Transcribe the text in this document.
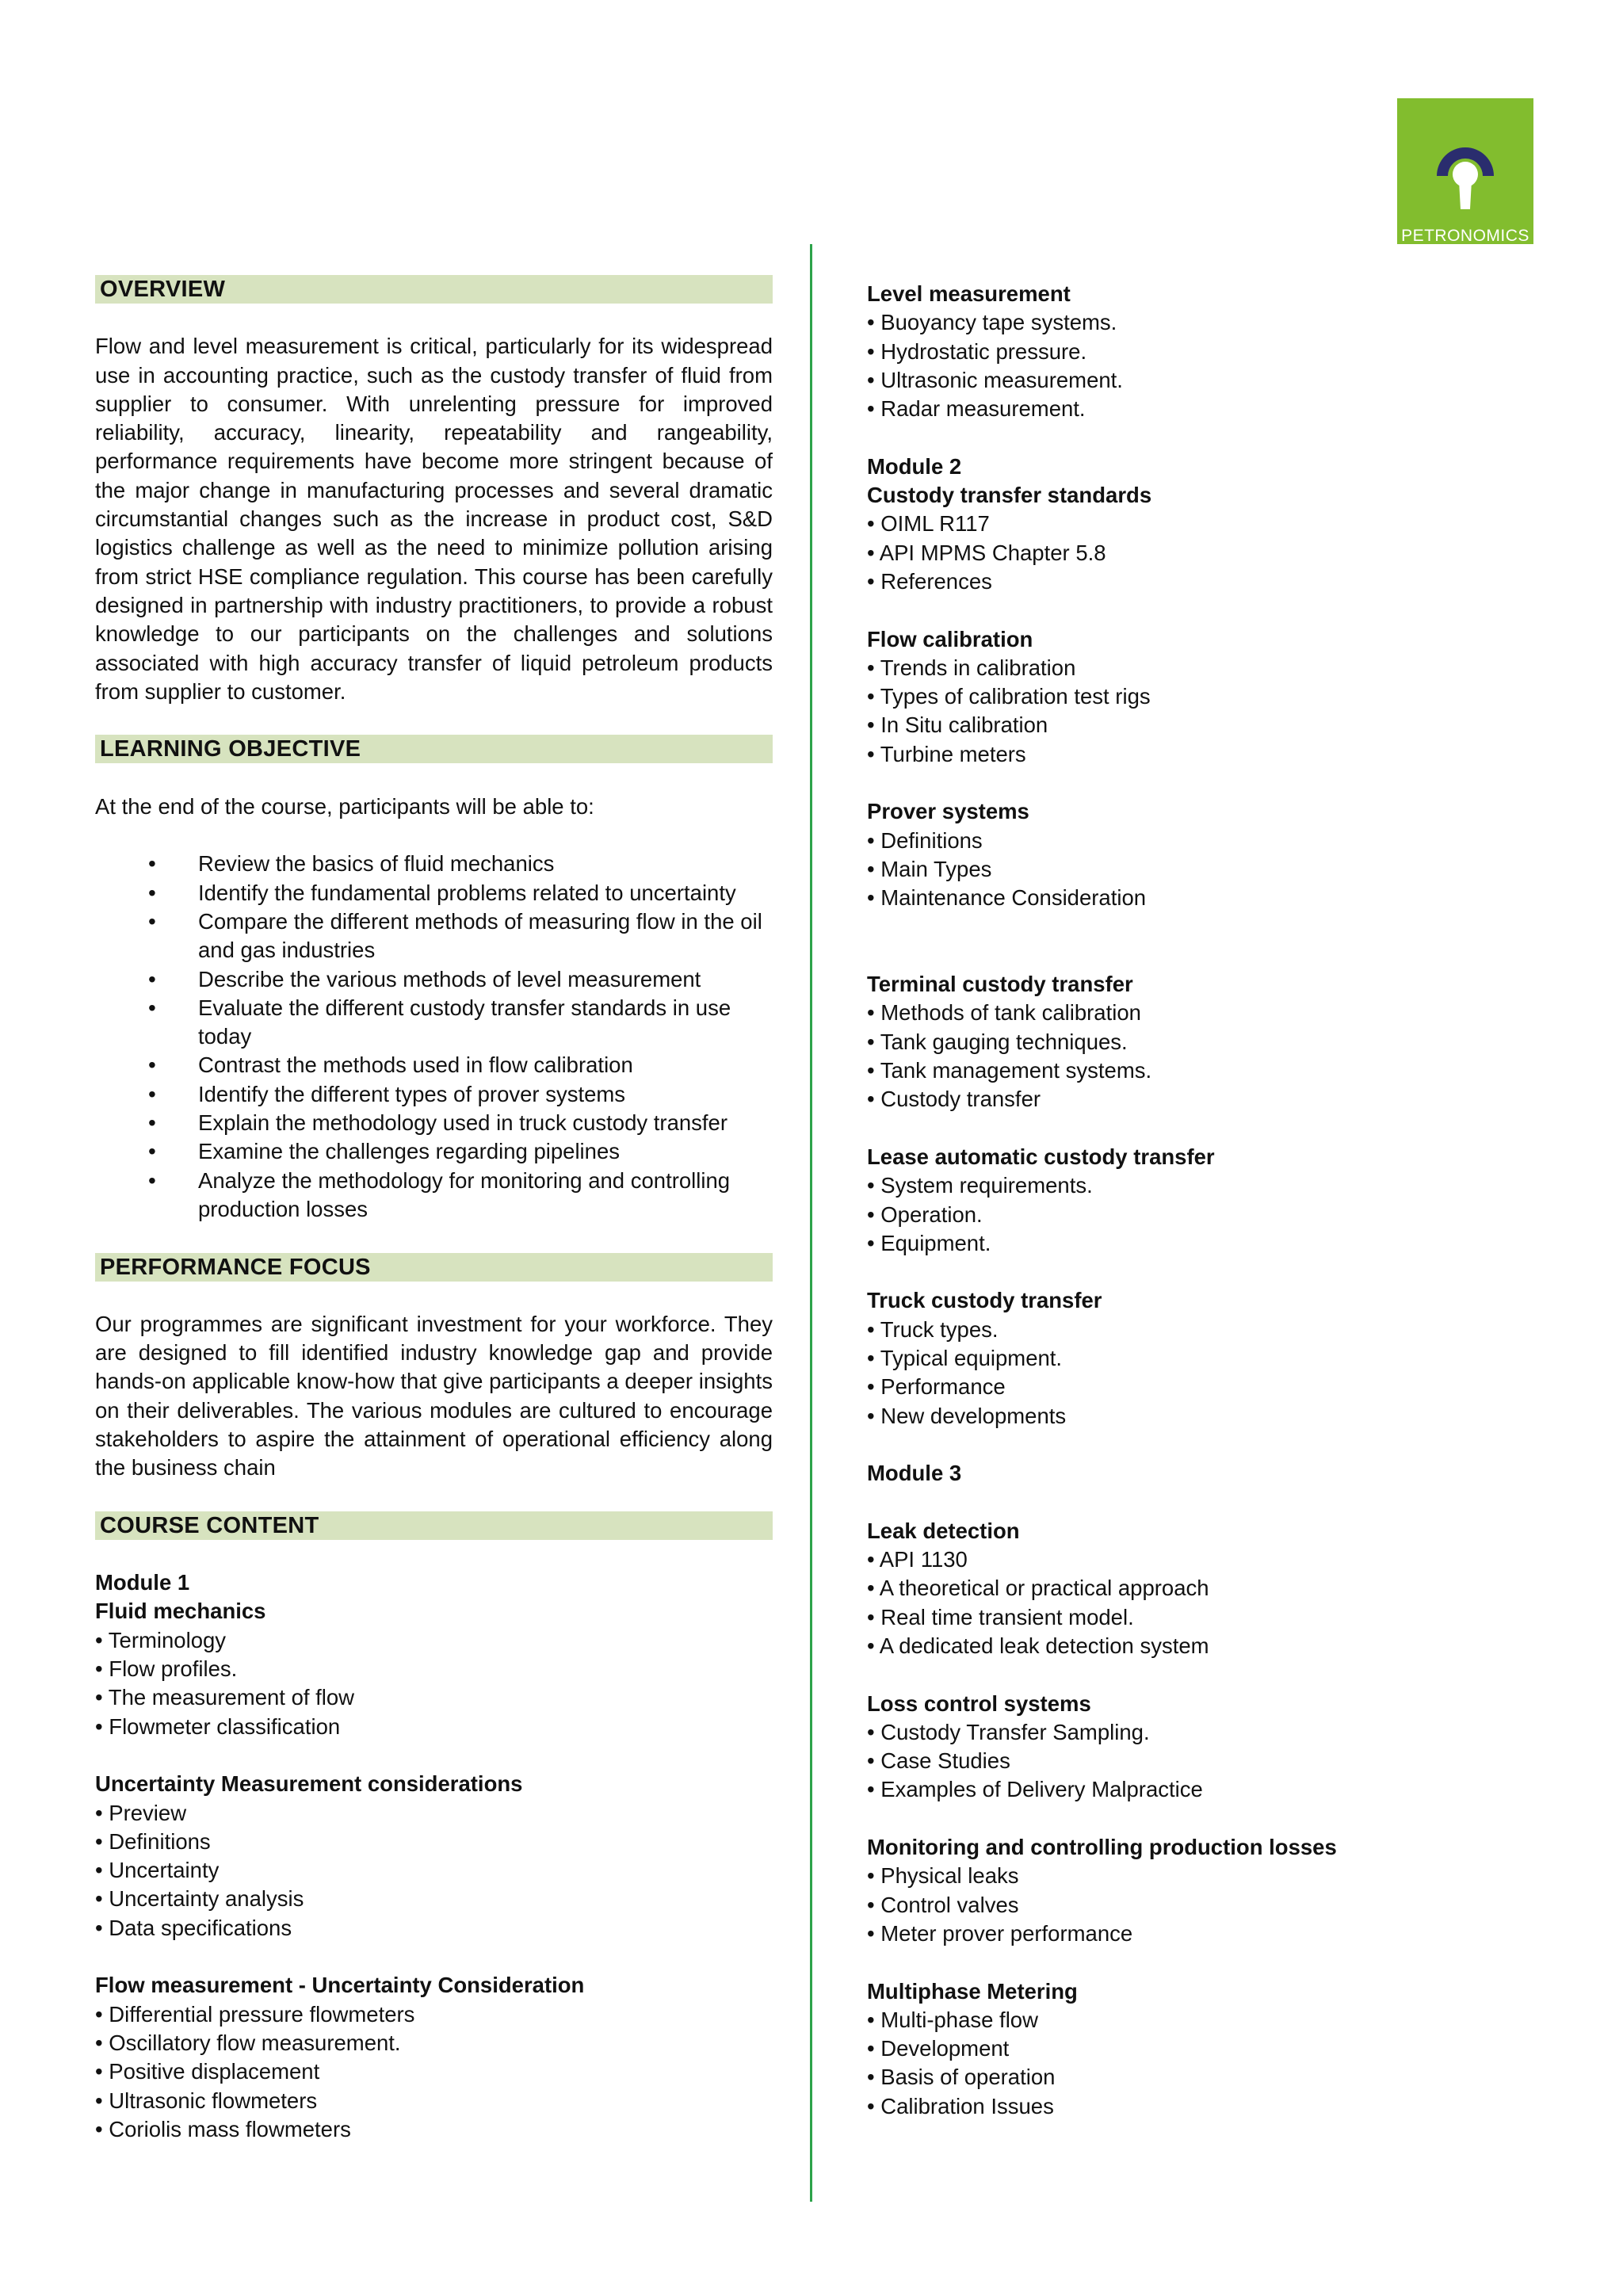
PETRONOMICS
OVERVIEW
Flow and level measurement is critical, particularly for its widespread use in accounting practice, such as the custody transfer of fluid from supplier to consumer. With unrelenting pressure for improved reliability, accuracy, linearity, repeatability and rangeability, performance requirements have become more stringent because of the major change in manufacturing processes and several dramatic circumstantial changes such as the increase in product cost, S&D logistics challenge as well as the need to minimize pollution arising from strict HSE compliance regulation. This course has been carefully designed in partnership with industry practitioners, to provide a robust knowledge to our participants on the challenges and solutions associated with high accuracy transfer of liquid petroleum products from supplier to customer.
LEARNING OBJECTIVE
At the end of the course, participants will be able to:
• Review the basics of fluid mechanics
• Identify the fundamental problems related to uncertainty
• Compare the different methods of measuring flow in the oil and gas industries
• Describe the various methods of level measurement
• Evaluate the different custody transfer standards in use today
• Contrast the methods used in flow calibration
• Identify the different types of prover systems
• Explain the methodology used in truck custody transfer
• Examine the challenges regarding pipelines
• Analyze the methodology for monitoring and controlling production losses
PERFORMANCE FOCUS
Our programmes are significant investment for your workforce. They are designed to fill identified industry knowledge gap and provide hands-on applicable know-how that give participants a deeper insights on their deliverables. The various modules are cultured to encourage stakeholders to aspire the attainment of operational efficiency along the business chain
COURSE CONTENT
Module 1
Fluid mechanics
• Terminology
• Flow profiles.
• The measurement of flow
• Flowmeter classification
Uncertainty Measurement considerations
• Preview
• Definitions
• Uncertainty
• Uncertainty analysis
• Data specifications
Flow measurement - Uncertainty Consideration
• Differential pressure flowmeters
• Oscillatory flow measurement.
• Positive displacement
• Ultrasonic flowmeters
• Coriolis mass flowmeters
Level measurement
• Buoyancy tape systems.
• Hydrostatic pressure.
• Ultrasonic measurement.
• Radar measurement.
Module 2
Custody transfer standards
• OIML R117
• API MPMS Chapter 5.8
• References
Flow calibration
• Trends in calibration
• Types of calibration test rigs
• In Situ calibration
• Turbine meters
Prover systems
• Definitions
• Main Types
• Maintenance Consideration
Terminal custody transfer
• Methods of tank calibration
• Tank gauging techniques.
• Tank management systems.
• Custody transfer
Lease automatic custody transfer
• System requirements.
• Operation.
• Equipment.
Truck custody transfer
• Truck types.
• Typical equipment.
• Performance
• New developments
Module 3
Leak detection
• API 1130
• A theoretical or practical approach
• Real time transient model.
• A dedicated leak detection system
Loss control systems
• Custody Transfer Sampling.
• Case Studies
• Examples of Delivery Malpractice
Monitoring and controlling production losses
• Physical leaks
• Control valves
• Meter prover performance
Multiphase Metering
• Multi-phase flow
• Development
• Basis of operation
• Calibration Issues
